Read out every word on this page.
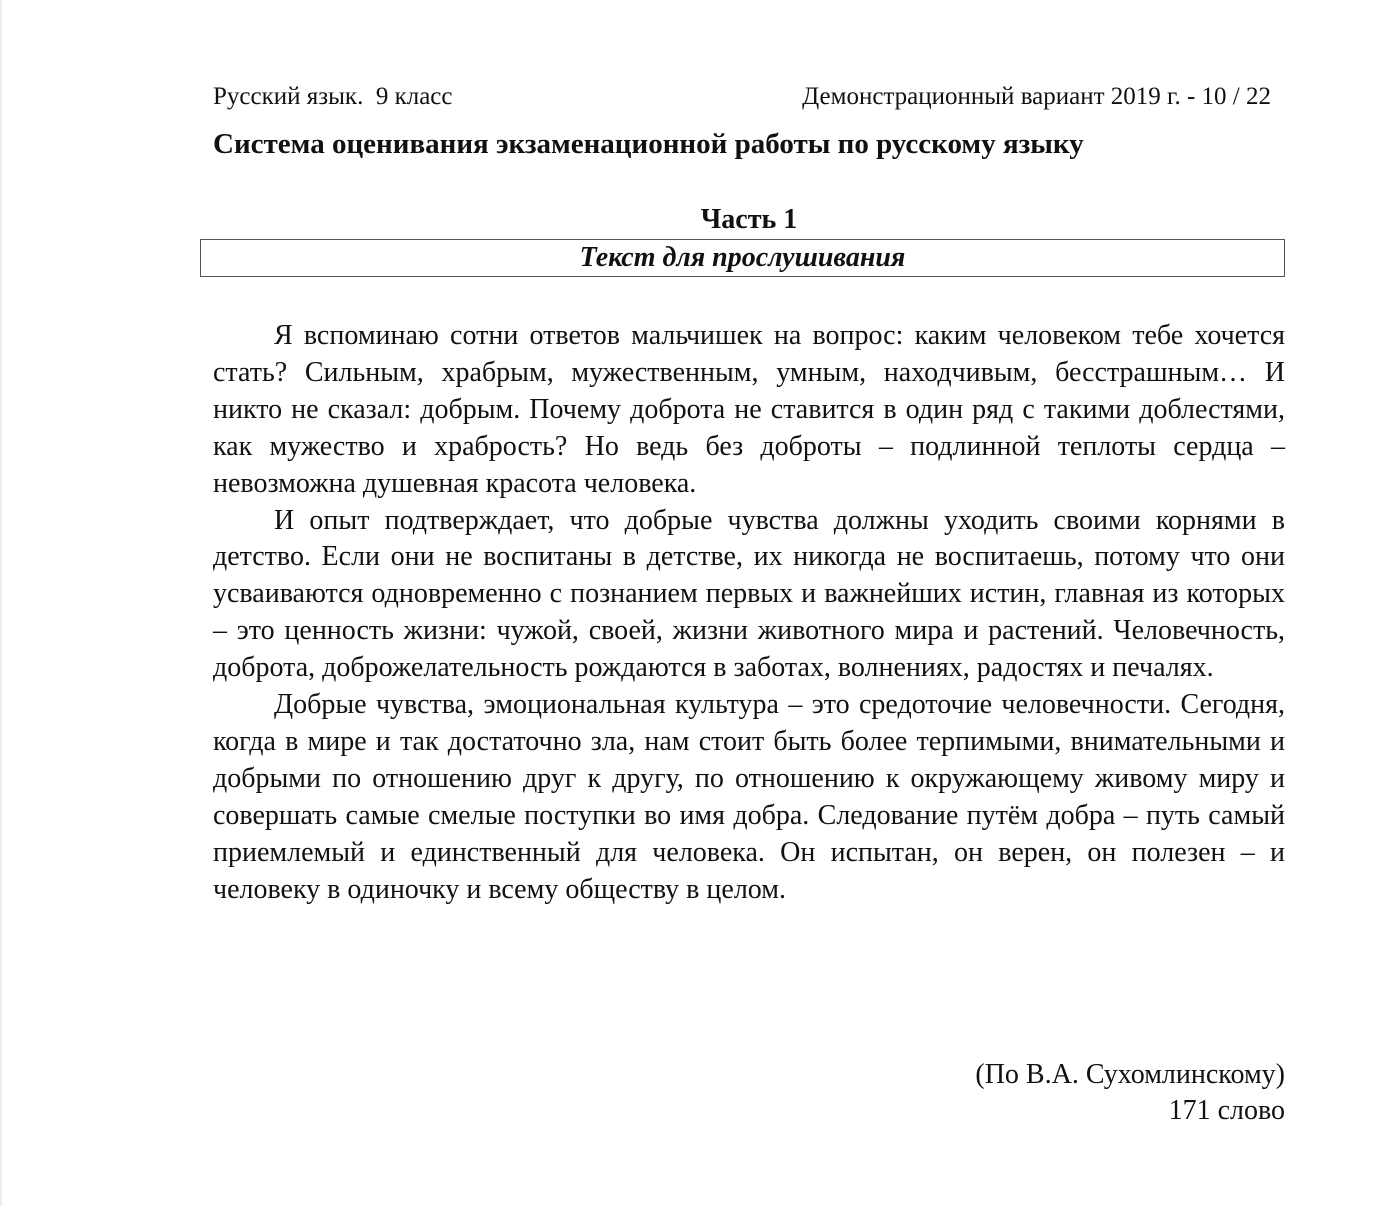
Русский язык.  9 класс	Демонстрационный вариант 2019 г. - 10 / 22
Система оценивания экзаменационной работы по русскому языку
Часть 1

Я вспоминаю сотни ответов мальчишек на вопрос: каким человеком тебе хочется стать? Сильным, храбрым, мужественным, умным, находчивым, бесстрашным… И никто не сказал: добрым. Почему доброта не ставится в один ряд с такими доблестями, как мужество и храбрость? Но ведь без доброты – подлинной теплоты сердца – невозможна душевная красота человека.

И опыт подтверждает, что добрые чувства должны уходить своими корнями в детство. Если они не воспитаны в детстве, их никогда не воспитаешь, потому что они усваиваются одновременно с познанием первых и важнейших истин, главная из которых – это ценность жизни: чужой, своей, жизни животного мира и растений. Человечность, доброта, доброжелательность рождаются в заботах, волнениях, радостях и печалях.

Добрые чувства, эмоциональная культура – это средоточие человечности. Сегодня, когда в мире и так достаточно зла, нам стоит быть более терпимыми, внимательными и добрыми по отношению друг к другу, по отношению к окружающему живому миру и совершать самые смелые поступки во имя добра. Следование путём добра – путь самый приемлемый и единственный для человека. Он испытан, он верен, он полезен – и человеку в одиночку и всему обществу в целом.

(По В.А. Сухомлинскому)
171 слово
Текст для прослушивания
